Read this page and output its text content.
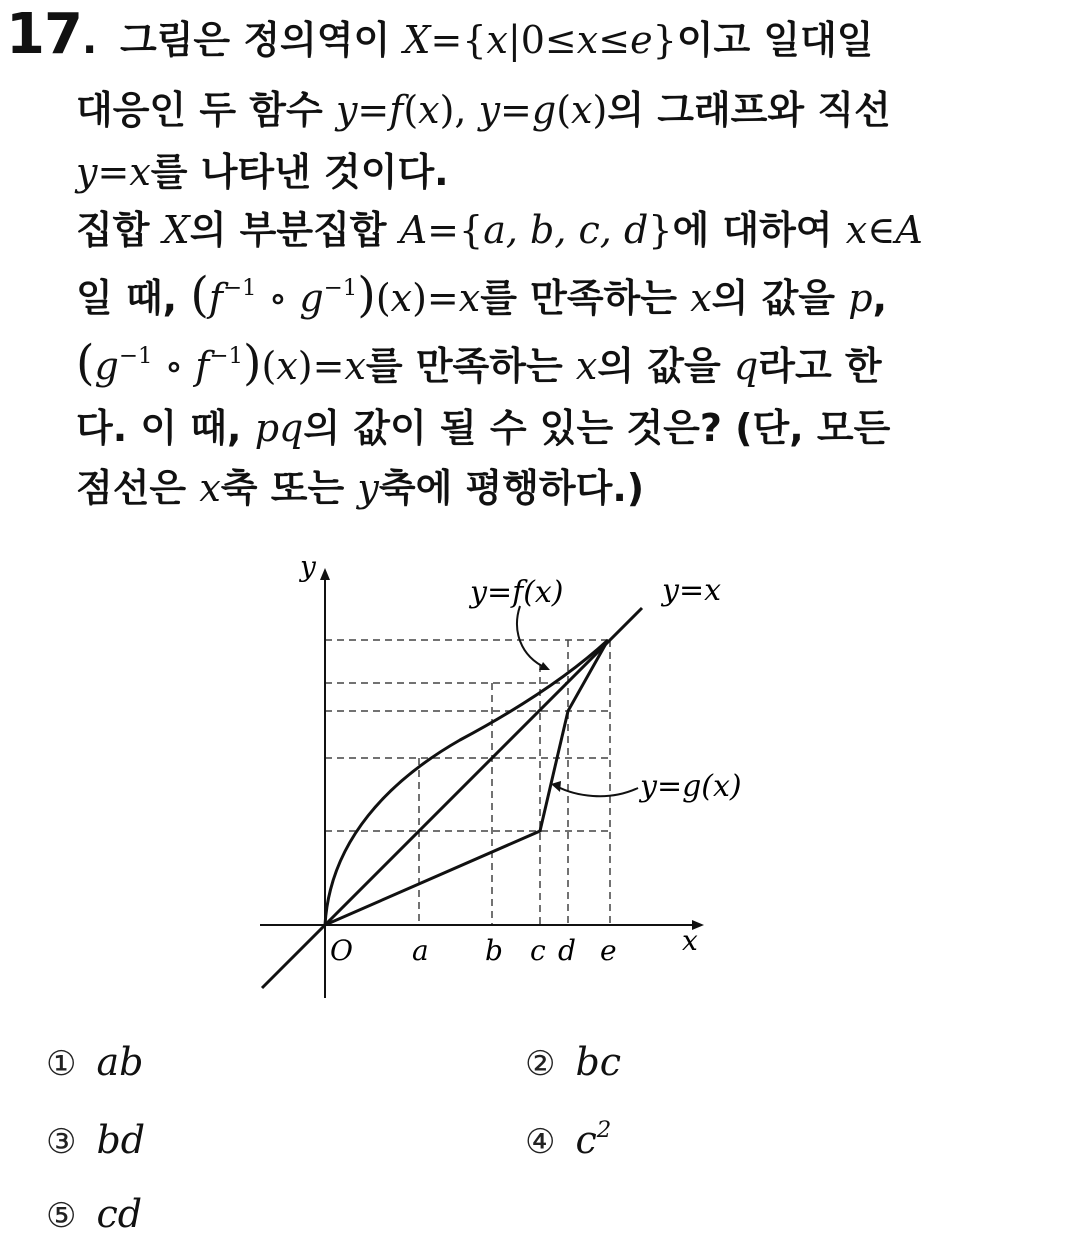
17. 그림은 정의역이 X={x|0≤x≤e}이고 일대일
대응인 두 함수 y=f(x), y=g(x)의 그래프와 직선
y=x를 나타낸 것이다.
집합 X의 부분집합 A={a, b, c, d}에 대하여 x∈A
일 때, ($f^{-1}$ ∘ $g^{-1})(x)=x$를 만족하는 x의 값을 p,
($g^{-1}$ ∘ $f^{-1})(x)=x$를 만족하는 x의 값을 q라고 한
다. 이 때, pq의 값이 될 수 있는 것은? (단, 모든
점선은 x축 또는 y축에 평행하다.)
y
x
O a b c d e
y=f(x)	y=x
y=g(x)
① ab	② bc
③ bd	④ $c^2$
⑤ cd
